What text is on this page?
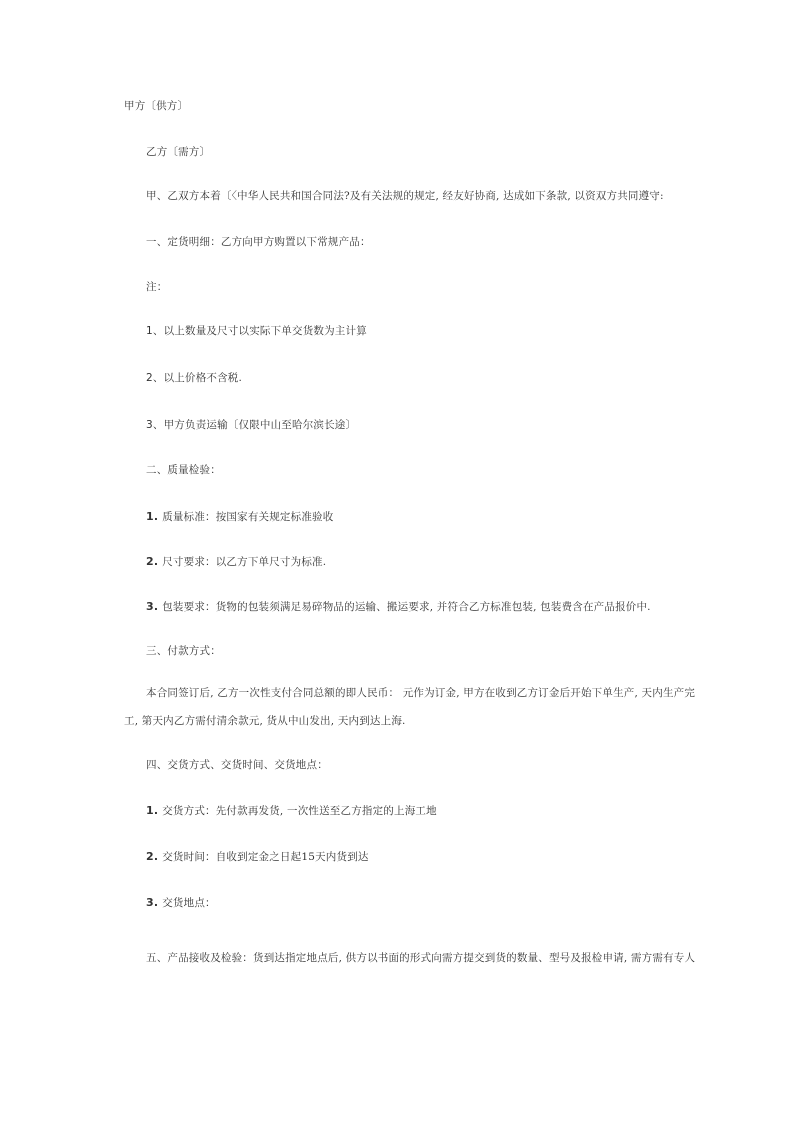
甲方〔供方〕
乙方〔需方〕
甲、乙双方本着〔〈中华人民共和国合同法?及有关法规的规定, 经友好协商, 达成如下条款, 以资双方共同遵守:
一、定货明细：乙方向甲方购置以下常规产品：
注：
1、以上数量及尺寸以实际下单交货数为主计算
2、以上价格不含税.
3、甲方负责运输〔仅限中山至哈尔滨长途〕
二、质量检验：
1. 质量标准：按国家有关规定标准验收
2. 尺寸要求：以乙方下单尺寸为标准.
3. 包装要求：货物的包装须满足易碎物品的运输、搬运要求, 并符合乙方标准包装, 包装费含在产品报价中.
三、付款方式：
本合同签订后, 乙方一次性支付合同总额的即人民币： 元作为订金, 甲方在收到乙方订金后开始下单生产, 天内生产完
工, 第天内乙方需付清余款元, 货从中山发出, 天内到达上海.
四、交货方式、交货时间、交货地点：
1. 交货方式：先付款再发货, 一次性送至乙方指定的上海工地
2. 交货时间：自收到定金之日起15天内货到达
3. 交货地点：
五、产品接收及检验：货到达指定地点后, 供方以书面的形式向需方提交到货的数量、型号及报检申请, 需方需有专人
